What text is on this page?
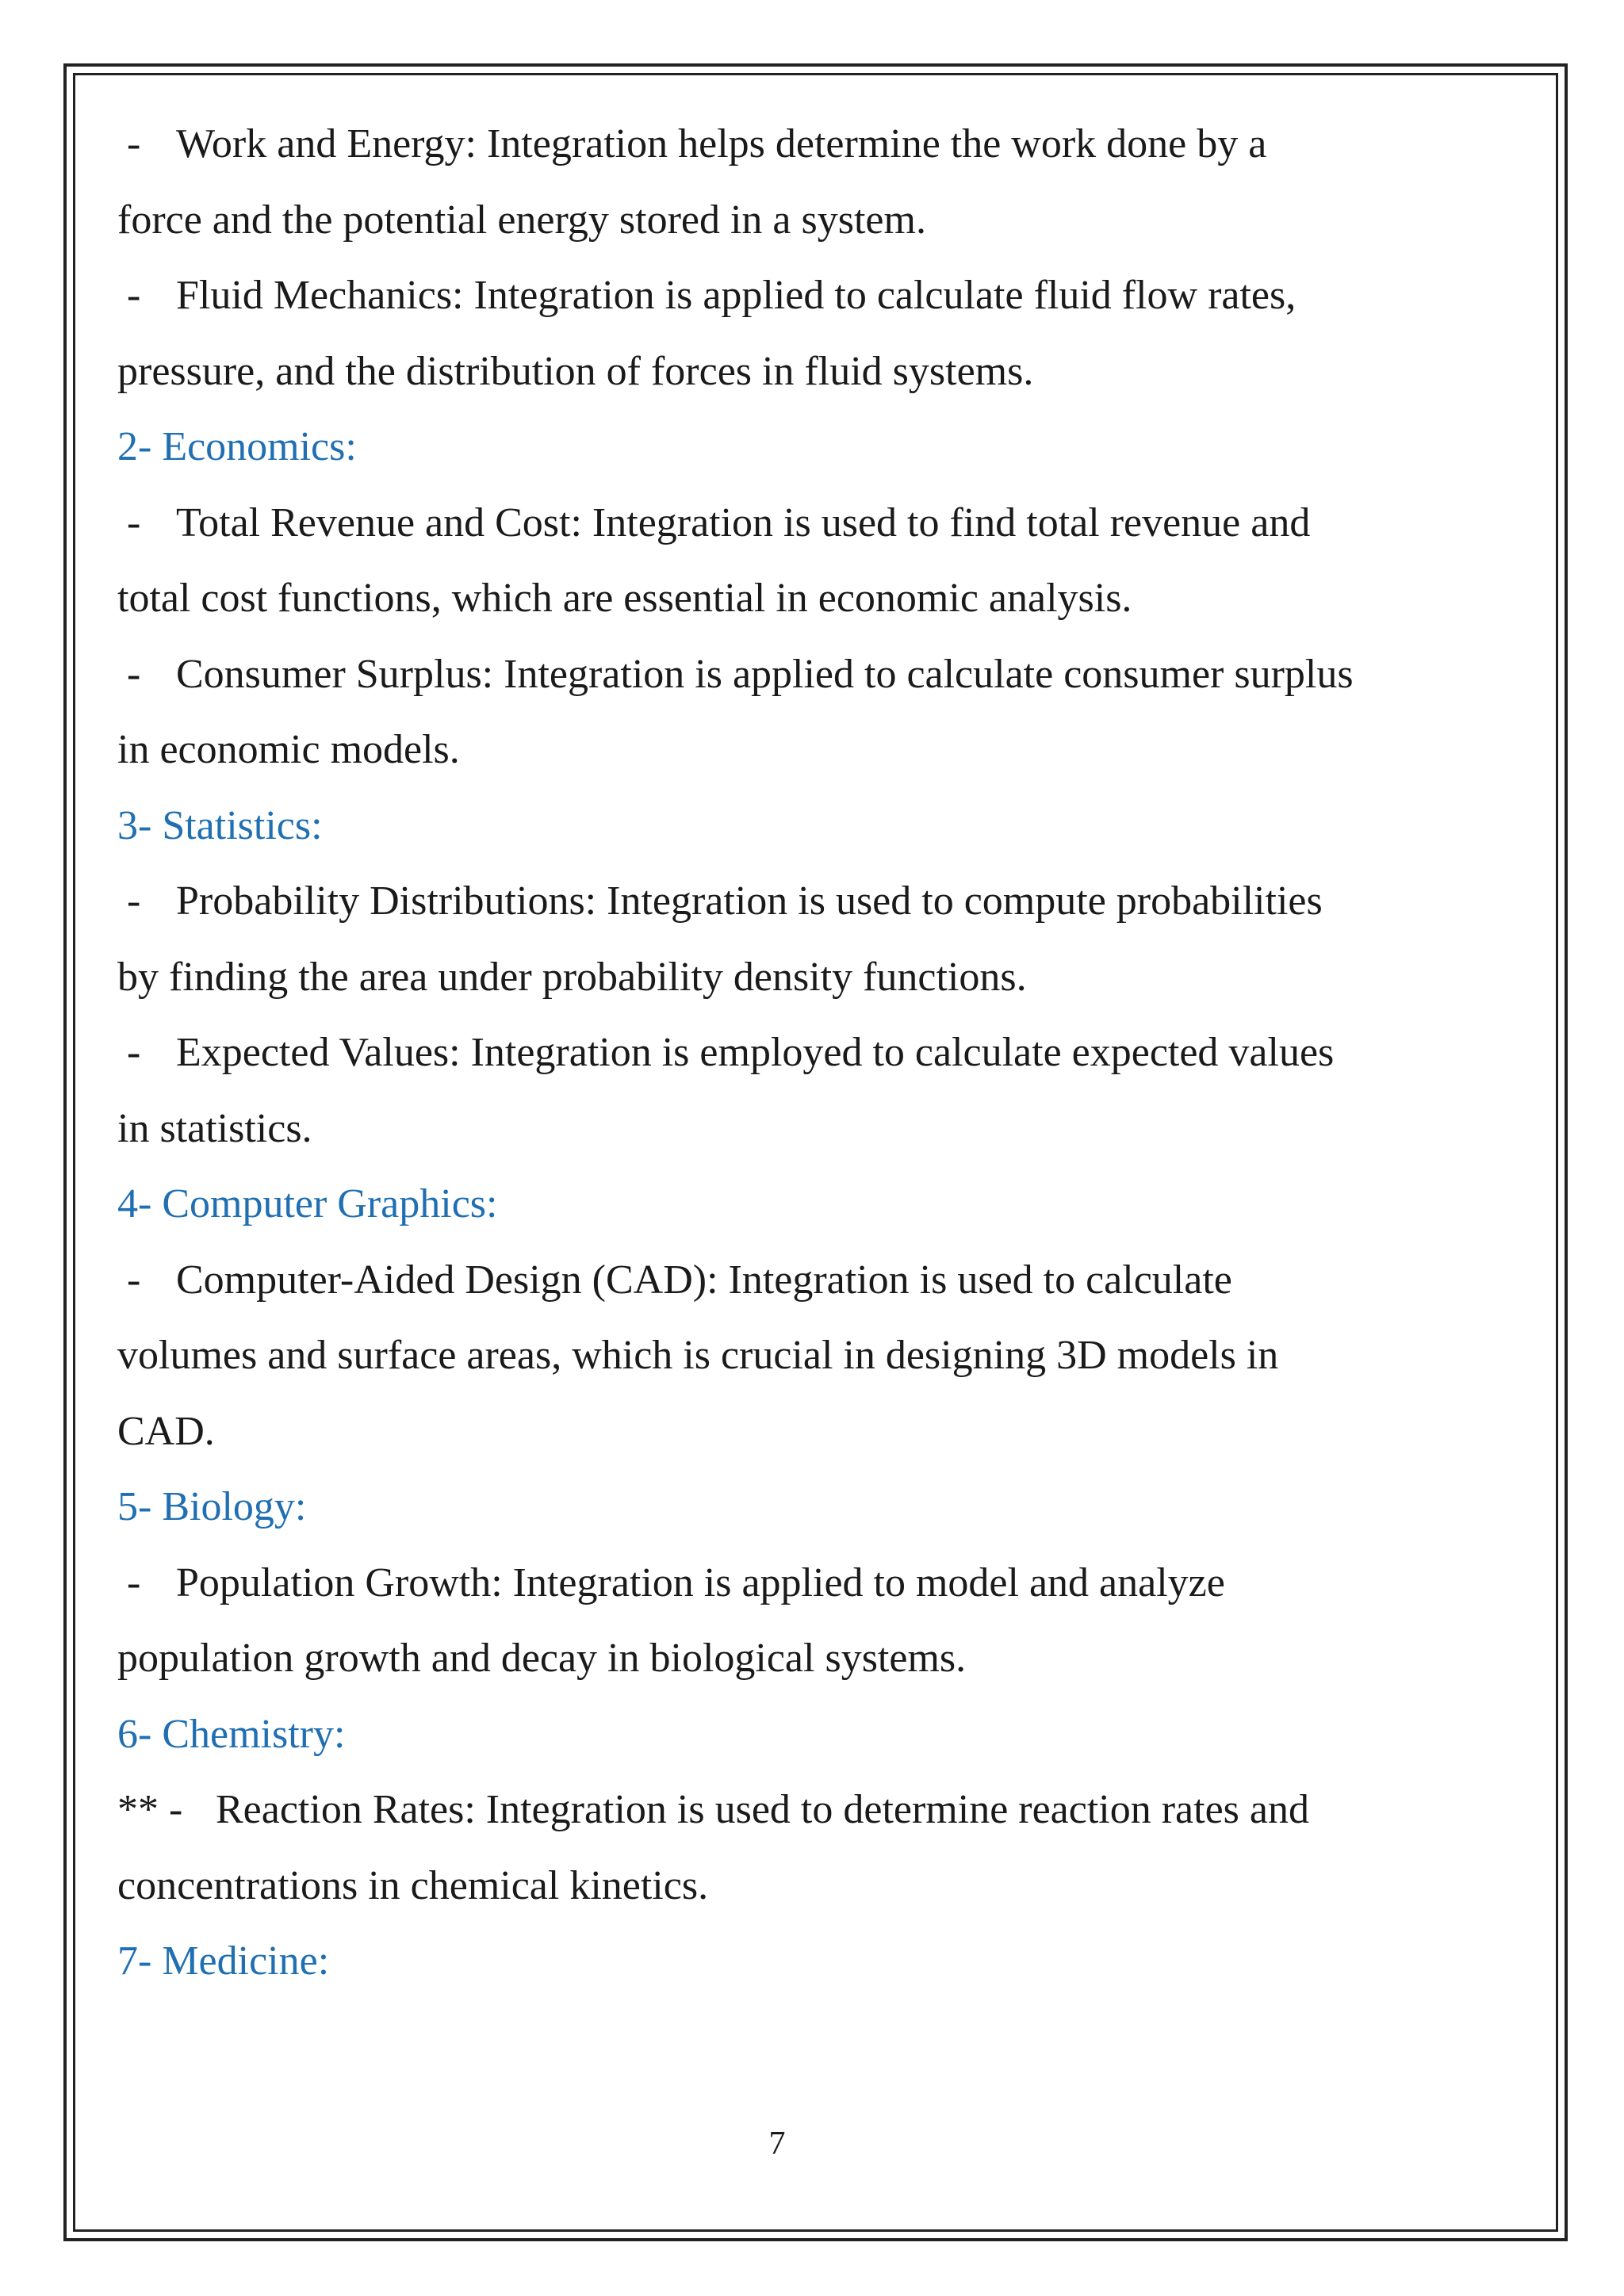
- Work and Energy: Integration helps determine the work done by a
force and the potential energy stored in a system.
- Fluid Mechanics: Integration is applied to calculate fluid flow rates,
pressure, and the distribution of forces in fluid systems.
2- Economics:
- Total Revenue and Cost: Integration is used to find total revenue and
total cost functions, which are essential in economic analysis.
- Consumer Surplus: Integration is applied to calculate consumer surplus
in economic models.
3- Statistics:
- Probability Distributions: Integration is used to compute probabilities
by finding the area under probability density functions.
- Expected Values: Integration is employed to calculate expected values
in statistics.
4- Computer Graphics:
- Computer-Aided Design (CAD): Integration is used to calculate
volumes and surface areas, which is crucial in designing 3D models in
CAD.
5- Biology:
- Population Growth: Integration is applied to model and analyze
population growth and decay in biological systems.
6- Chemistry:
** - Reaction Rates: Integration is used to determine reaction rates and
concentrations in chemical kinetics.
7- Medicine:
7
